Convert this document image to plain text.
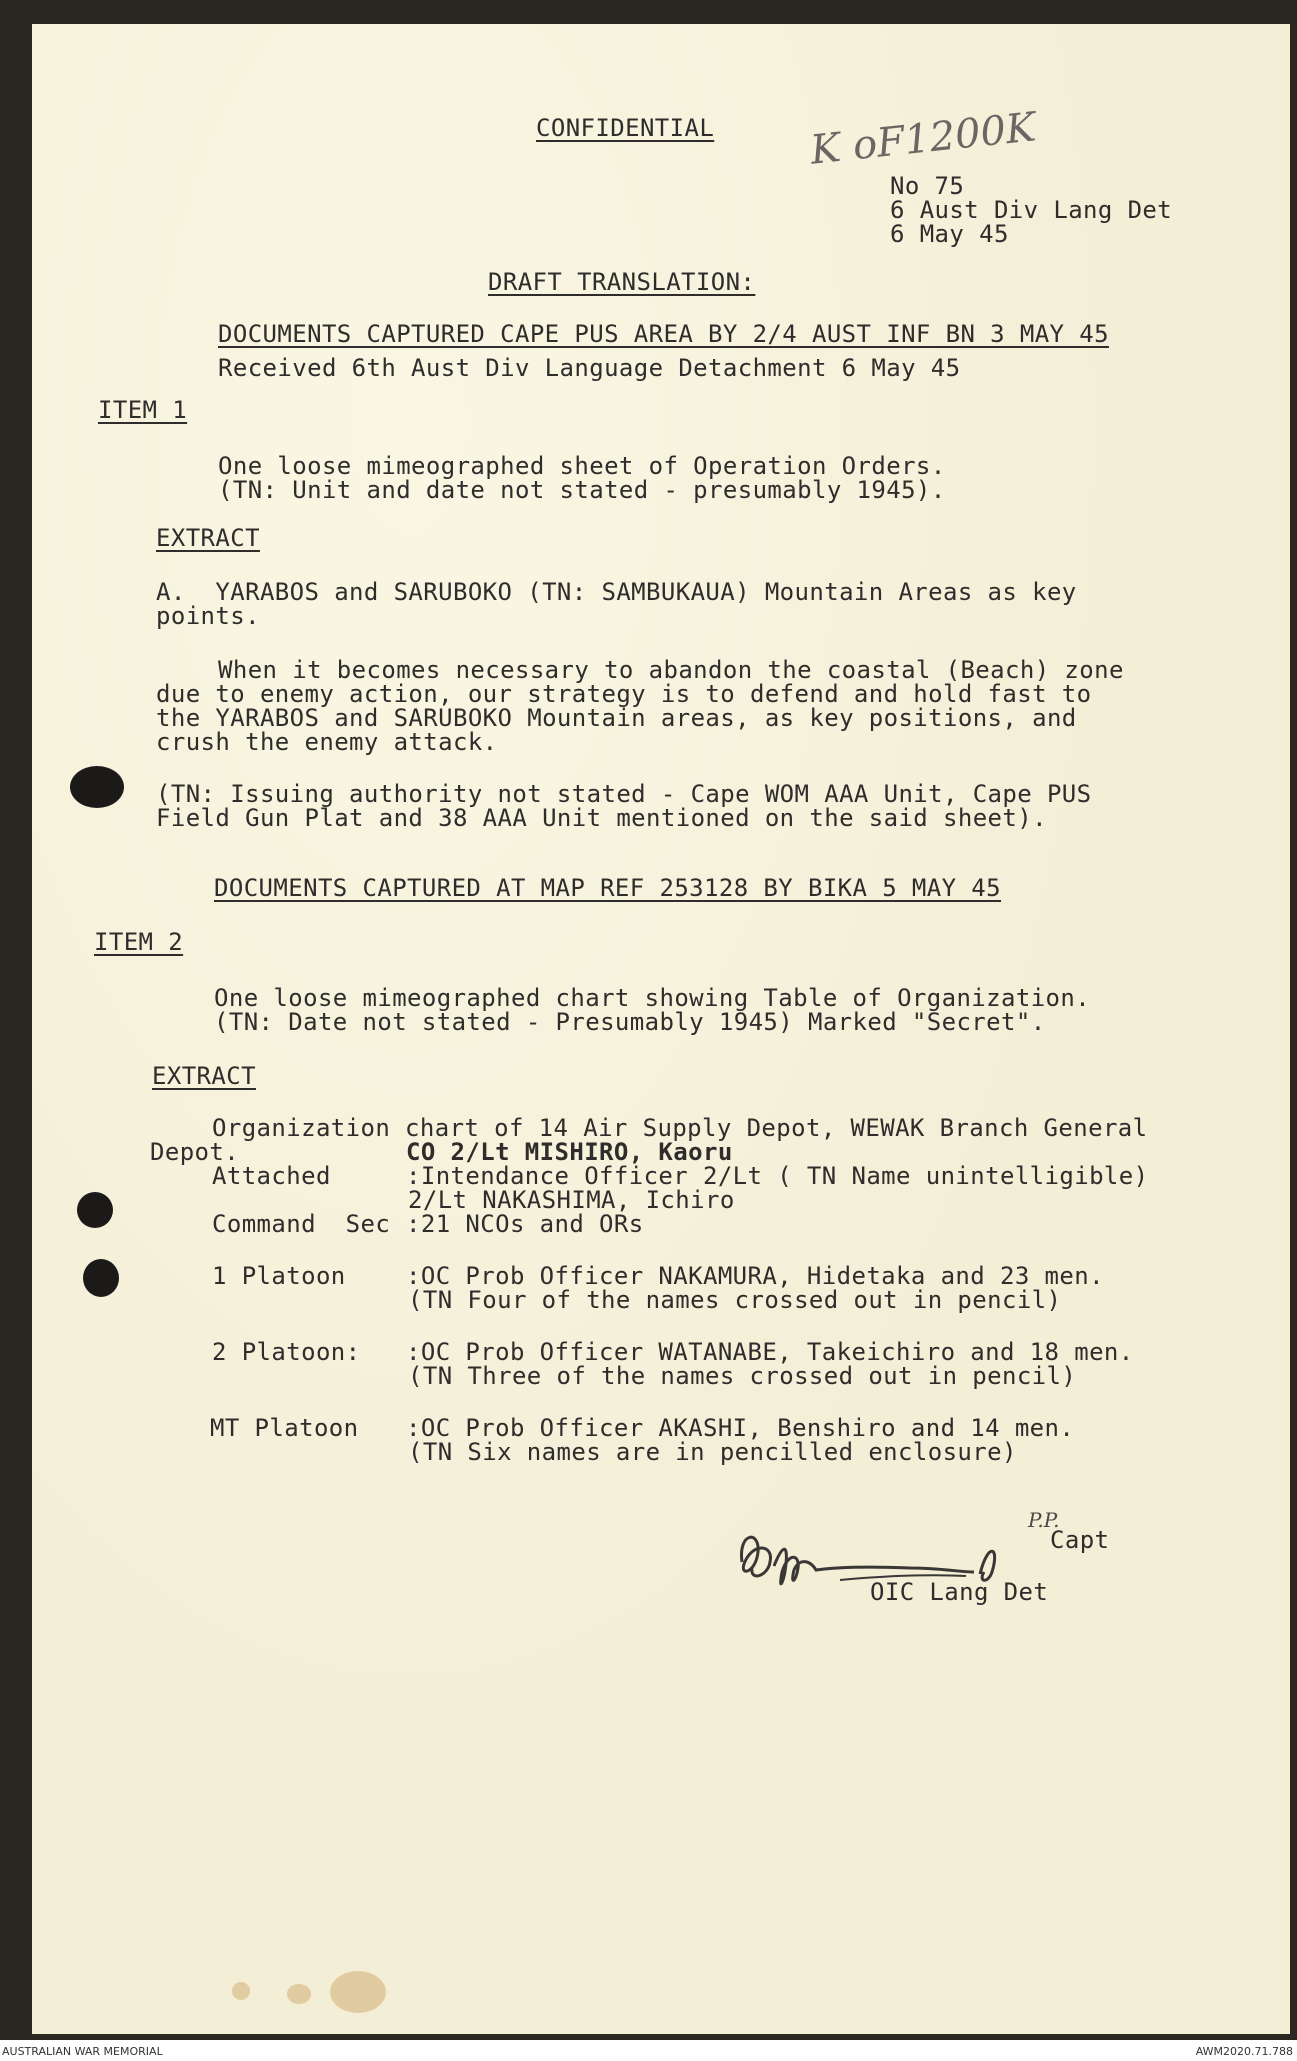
CONFIDENTIAL K oF1200K
No 75
6 Aust Div Lang Det
6 May 45
DRAFT TRANSLATION:
DOCUMENTS CAPTURED CAPE PUS AREA BY 2/4 AUST INF BN 3 MAY 45
Received 6th Aust Div Language Detachment 6 May 45
ITEM 1
One loose mimeographed sheet of Operation Orders.
(TN: Unit and date not stated - presumably 1945).
EXTRACT
A.  YARABOS and SARUBOKO (TN: SAMBUKAUA) Mountain Areas as key
points.
When it becomes necessary to abandon the coastal (Beach) zone
due to enemy action, our strategy is to defend and hold fast to
the YARABOS and SARUBOKO Mountain areas, as key positions, and
crush the enemy attack.
(TN: Issuing authority not stated - Cape WOM AAA Unit, Cape PUS
Field Gun Plat and 38 AAA Unit mentioned on the said sheet).
DOCUMENTS CAPTURED AT MAP REF 253128 BY BIKA 5 MAY 45
ITEM 2
One loose mimeographed chart showing Table of Organization.
(TN: Date not stated - Presumably 1945) Marked "Secret".
EXTRACT
Organization chart of 14 Air Supply Depot, WEWAK Branch General
Depot.	CO 2/Lt MISHIRO, Kaoru
Attached	:Intendance Officer 2/Lt ( TN Name unintelligible)
2/Lt NAKASHIMA, Ichiro
Command  Sec :21 NCOs and ORs
1 Platoon	:OC Prob Officer NAKAMURA, Hidetaka and 23 men.
(TN Four of the names crossed out in pencil)
2 Platoon: :OC Prob Officer WATANABE, Takeichiro and 18 men.
(TN Three of the names crossed out in pencil)
MT Platoon :OC Prob Officer AKASHI, Benshiro and 14 men.
(TN Six names are in pencilled enclosure)
P.P.
Capt
OIC Lang Det
AUSTRALIAN WAR MEMORIAL	AWM2020.71.788
